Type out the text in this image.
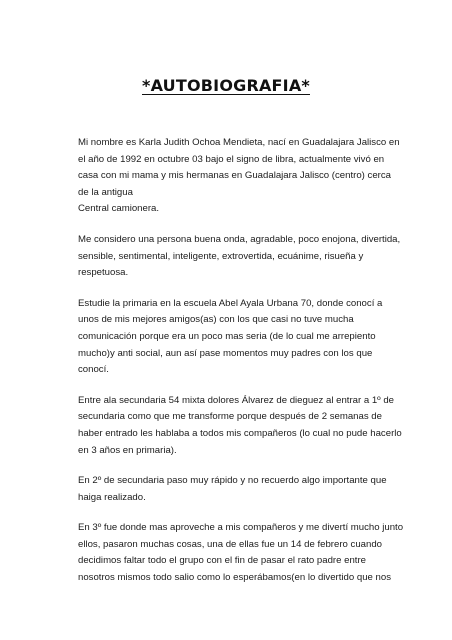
*AUTOBIOGRAFIA*

Mi nombre es Karla Judith Ochoa Mendieta, nací en Guadalajara Jalisco en
el año de 1992 en octubre 03 bajo el signo de libra, actualmente vivó en
casa con mi mama y mis hermanas en Guadalajara Jalisco (centro) cerca
de la antigua
Central camionera.

Me considero una persona buena onda, agradable, poco enojona, divertida,
sensible, sentimental, inteligente, extrovertida, ecuánime, risueña y
respetuosa.

Estudie la primaria en la escuela Abel Ayala Urbana 70, donde conocí a
unos de mis mejores amigos(as) con los que casi no tuve mucha
comunicación porque era un poco mas seria (de lo cual me arrepiento
mucho)y anti social, aun así pase momentos muy padres con los que
conocí.

Entre ala secundaria 54 mixta dolores Álvarez de dieguez al entrar a 1º de
secundaria como que me transforme porque después de 2 semanas de
haber entrado les hablaba a todos mis compañeros (lo cual no pude hacerlo
en 3 años en primaria).

En 2º de secundaria paso muy rápido y no recuerdo algo importante que
haiga realizado.

En 3º fue donde mas aproveche a mis compañeros y me divertí mucho junto
ellos, pasaron muchas cosas, una de ellas fue un 14 de febrero cuando
decidimos faltar todo el grupo con el fin de pasar el rato padre entre
nosotros mismos todo salio como lo esperábamos(en lo divertido que nos
